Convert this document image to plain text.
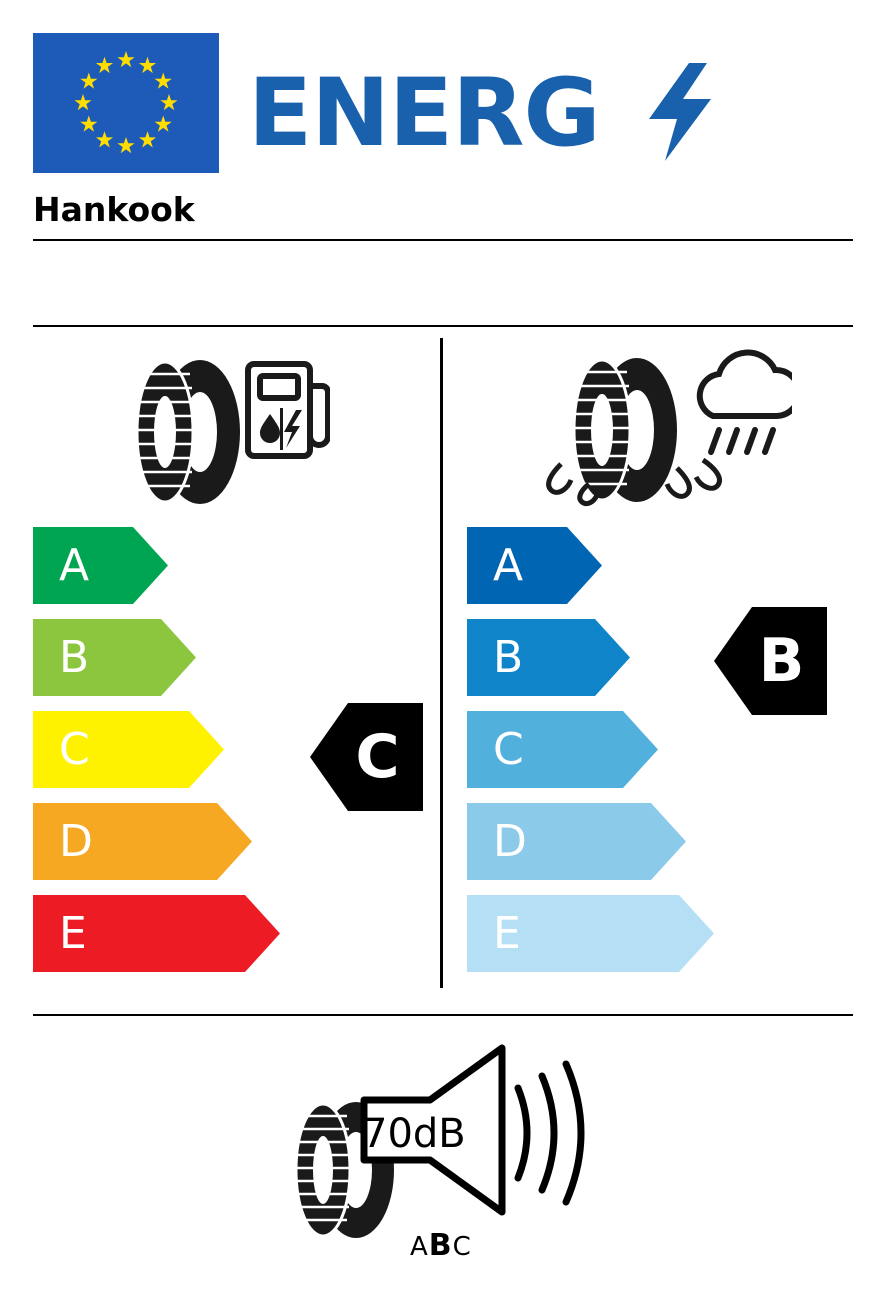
ENERG
Hankook
A
B
C
D
E
A
B
C
D
E
C
B
70dB
ABC
